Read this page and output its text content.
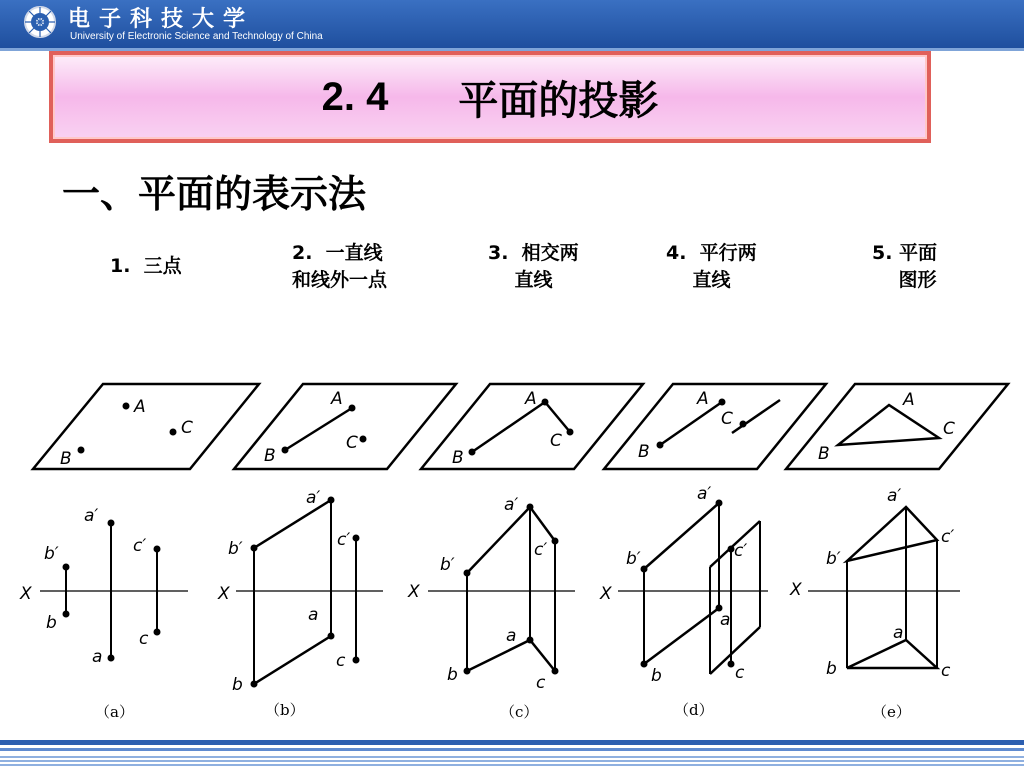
电子科技大学
University of Electronic Science and Technology of China
2. 4 平面的投影
一、平面的表示法
1.  三点
2.  一直线
和线外一点
3.  相交两
直线
4.  平行两
直线
5. 平面
图形
A
C
B
A
C
B
A
C
B
A
C
B
A
C
B
X	X	X	X	X
a′
b′	c′
b
c
a
a′
b′	c′
a
c
b
a′
b′
c′
a
b	c
a′
b′	c′
a
b	c
a′
b′
c′
a
b	c
（a）	（b）	（c）	（d）	（e）
